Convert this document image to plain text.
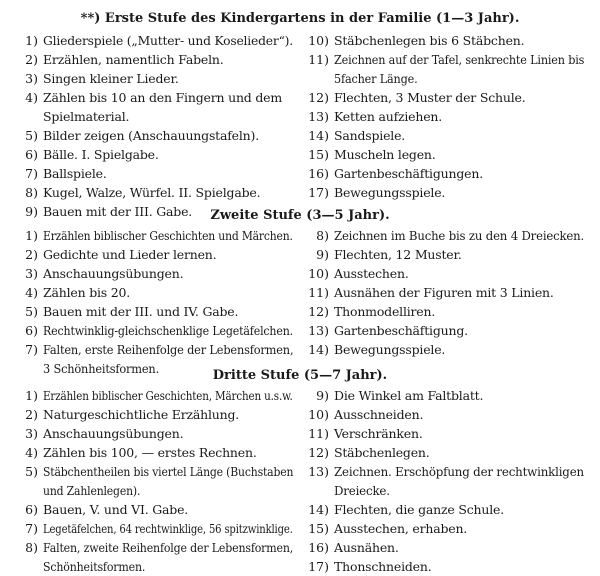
**) Erste Stufe des Kindergartens in der Familie (1—3 Jahr).
1) Gliederspiele („Mutter- und Koselieder“).
2) Erzählen, namentlich Fabeln.
3) Singen kleiner Lieder.
4) Zählen bis 10 an den Fingern und dem
Spielmaterial.
5) Bilder zeigen (Anschauungstafeln).
6) Bälle. I. Spielgabe.
7) Ballspiele.
8) Kugel, Walze, Würfel. II. Spielgabe.
9) Bauen mit der III. Gabe.
10) Stäbchenlegen bis 6 Stäbchen.
11) Zeichnen auf der Tafel, senkrechte Linien bis
5facher Länge.
12) Flechten, 3 Muster der Schule.
13) Ketten aufziehen.
14) Sandspiele.
15) Muscheln legen.
16) Gartenbeschäftigungen.
17) Bewegungsspiele.
Zweite Stufe (3—5 Jahr).
1) Erzählen biblischer Geschichten und Märchen.
2) Gedichte und Lieder lernen.
3) Anschauungsübungen.
4) Zählen bis 20.
5) Bauen mit der III. und IV. Gabe.
6) Rechtwinklig-gleichschenklige Legetäfelchen.
7) Falten, erste Reihenfolge der Lebensformen,
3 Schönheitsformen.
8) Zeichnen im Buche bis zu den 4 Dreiecken.
9) Flechten, 12 Muster.
10) Ausstechen.
11) Ausnähen der Figuren mit 3 Linien.
12) Thonmodelliren.
13) Gartenbeschäftigung.
14) Bewegungsspiele.
Dritte Stufe (5—7 Jahr).
1) Erzählen biblischer Geschichten, Märchen u.s.w.
2) Naturgeschichtliche Erzählung.
3) Anschauungsübungen.
4) Zählen bis 100, — erstes Rechnen.
5) Stäbchentheilen bis viertel Länge (Buchstaben
und Zahlenlegen).
6) Bauen, V. und VI. Gabe.
7) Legetäfelchen, 64 rechtwinklige, 56 spitzwinklige.
8) Falten, zweite Reihenfolge der Lebensformen,
Schönheitsformen.
9) Die Winkel am Faltblatt.
10) Ausschneiden.
11) Verschränken.
12) Stäbchenlegen.
13) Zeichnen. Erschöpfung der rechtwinkligen
Dreiecke.
14) Flechten, die ganze Schule.
15) Ausstechen, erhaben.
16) Ausnähen.
17) Thonschneiden.
